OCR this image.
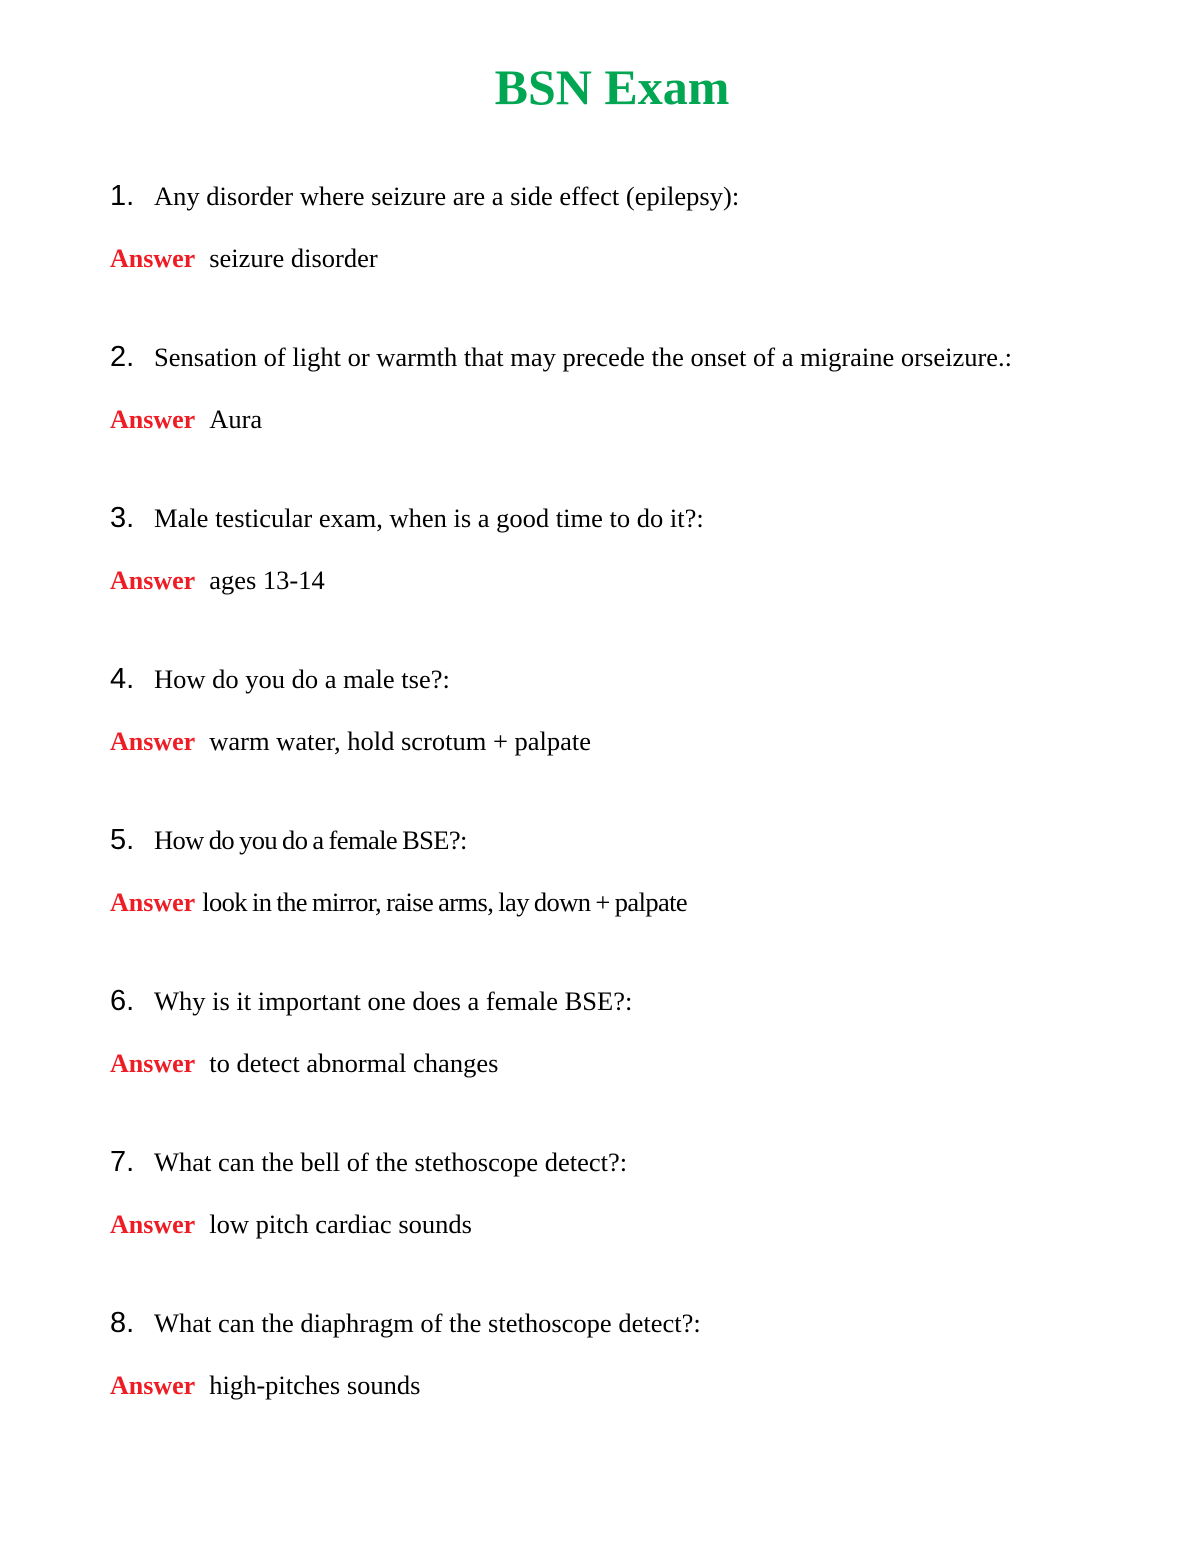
BSN Exam
1. Any disorder where seizure are a side effect (epilepsy):
Answer seizure disorder
2. Sensation of light or warmth that may precede the onset of a migraine orseizure.:
Answer Aura
3. Male testicular exam, when is a good time to do it?:
Answer ages 13-14
4. How do you do a male tse?:
Answer warm water, hold scrotum + palpate
5. How do you do a female BSE?:
Answer look in the mirror, raise arms, lay down + palpate
6. Why is it important one does a female BSE?:
Answer to detect abnormal changes
7. What can the bell of the stethoscope detect?:
Answer low pitch cardiac sounds
8. What can the diaphragm of the stethoscope detect?:
Answer high-pitches sounds
